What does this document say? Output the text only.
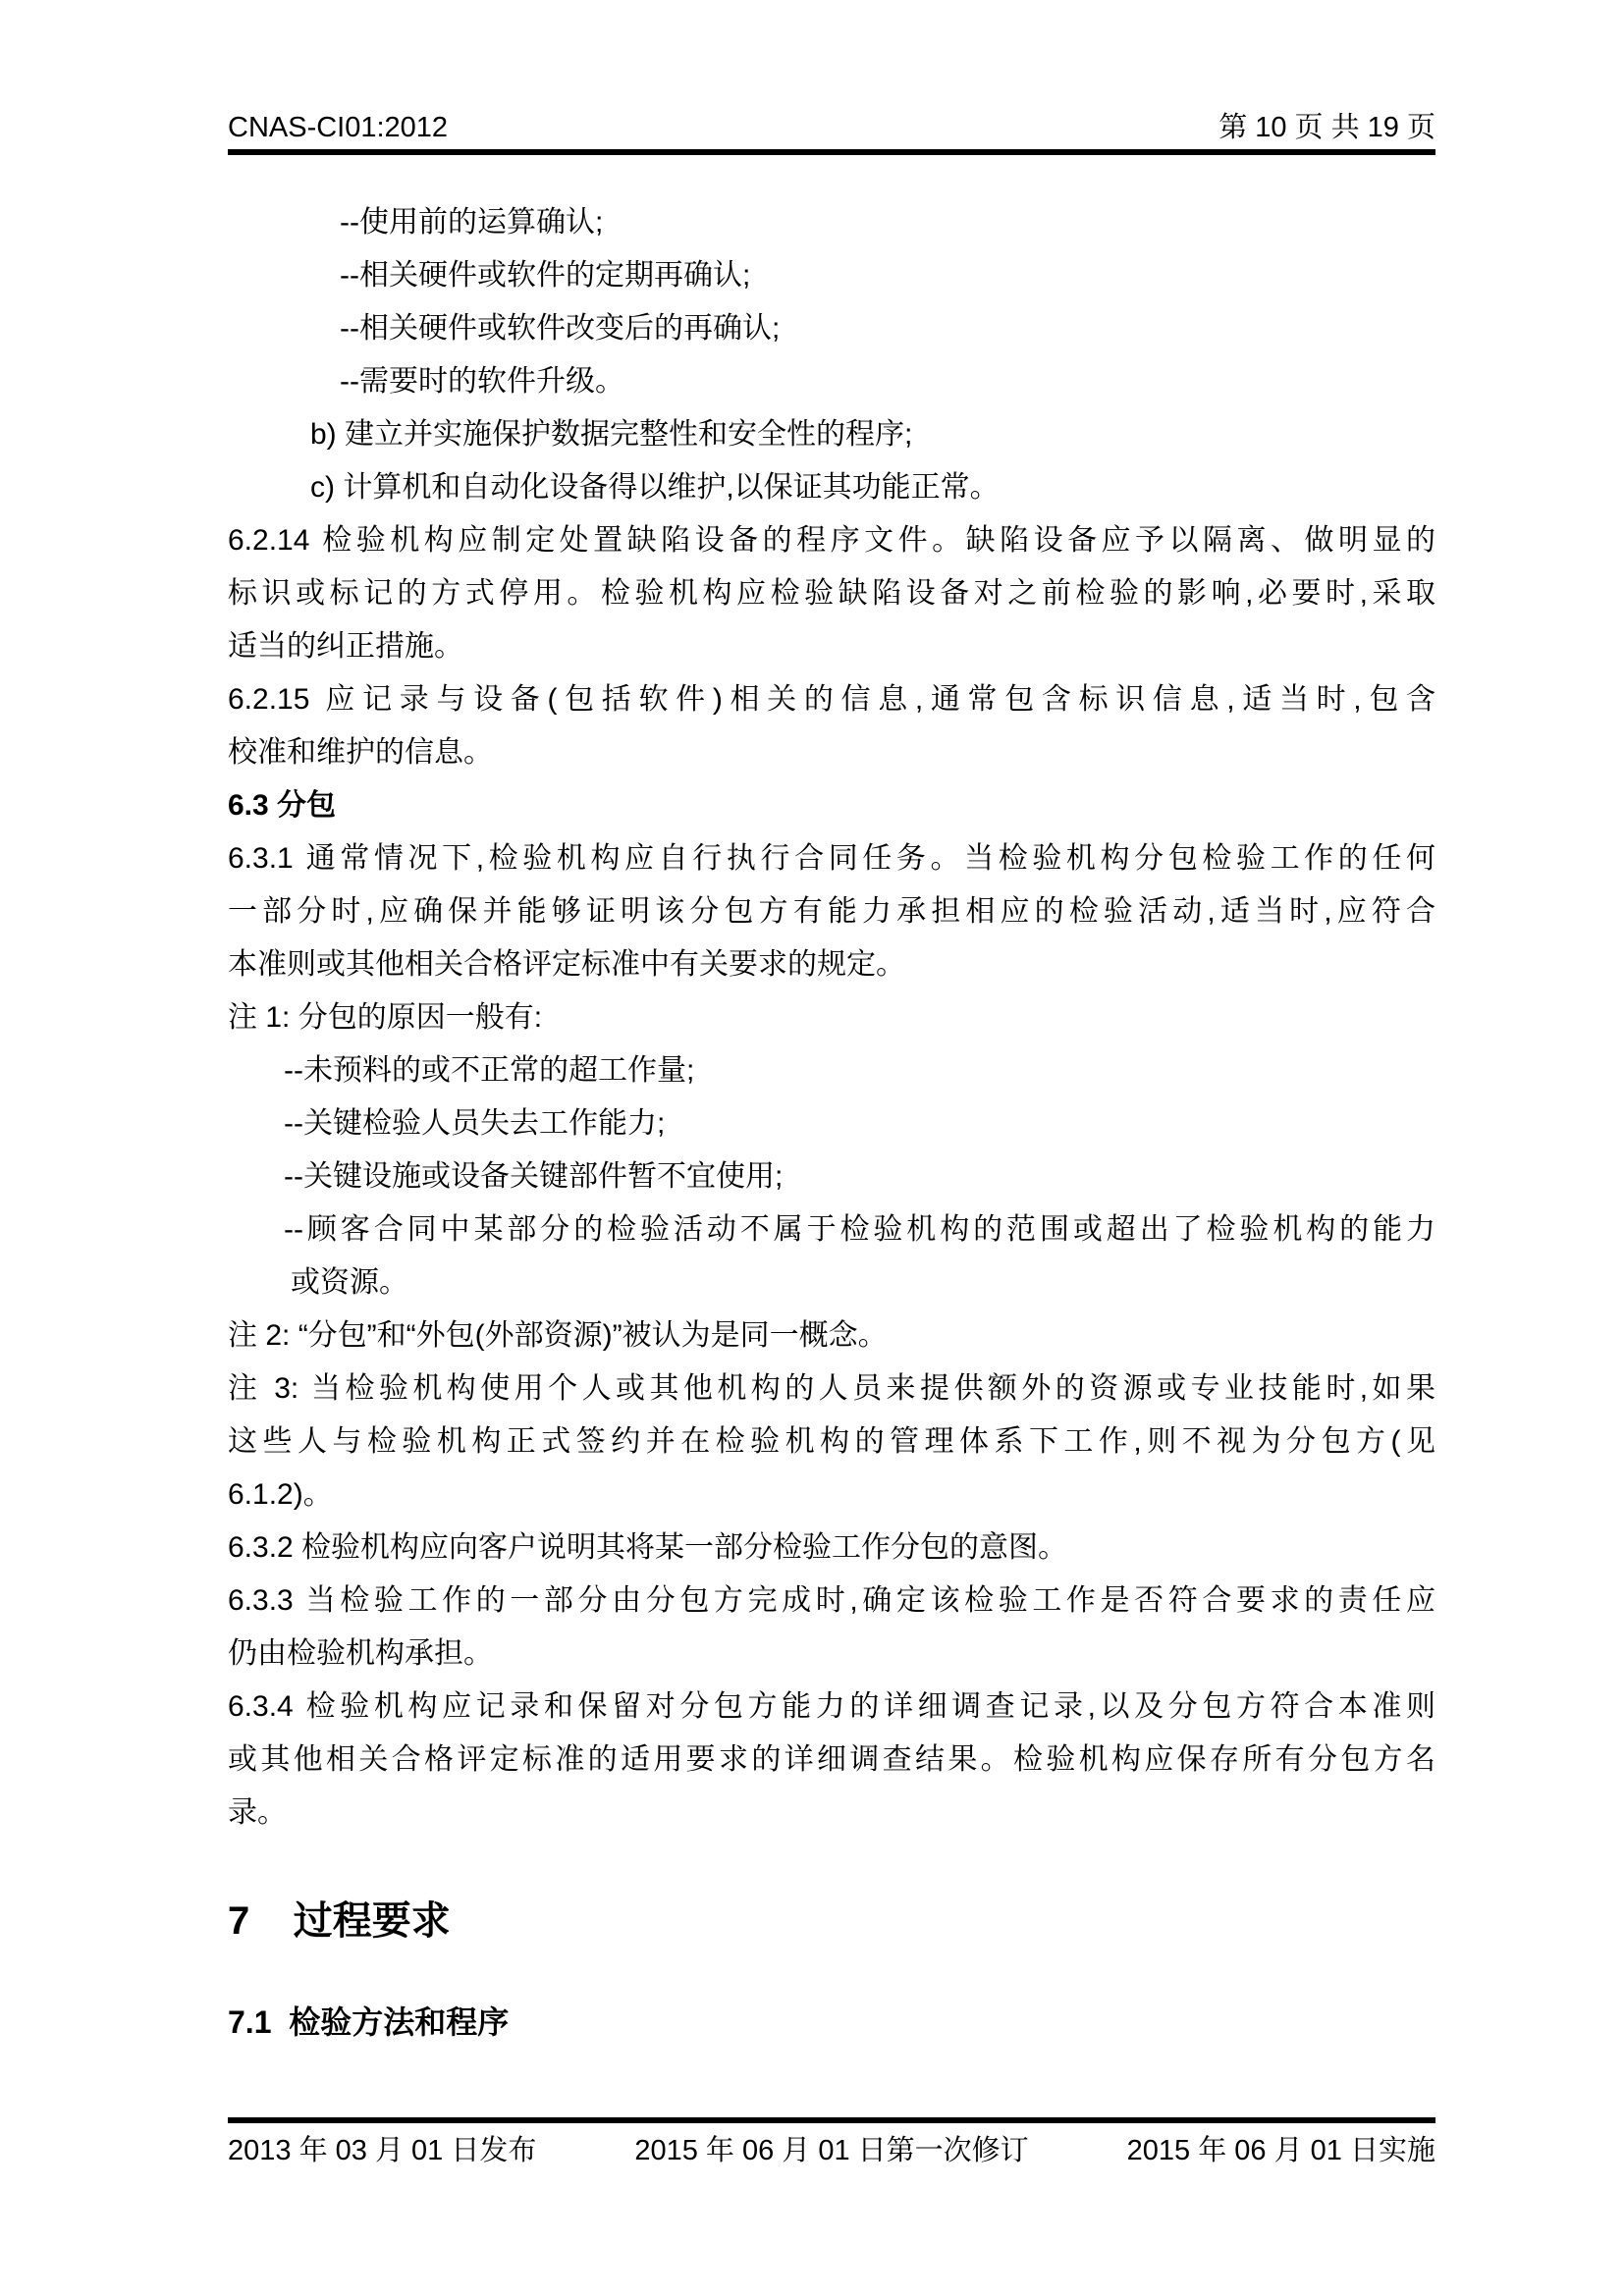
CNAS-CI01:2012	第 10 页 共 19 页
--使用前的运算确认;
--相关硬件或软件的定期再确认;
--相关硬件或软件改变后的再确认;
--需要时的软件升级。
b) 建立并实施保护数据完整性和安全性的程序;
c) 计算机和自动化设备得以维护,以保证其功能正常。
6.2.14 检验机构应制定处置缺陷设备的程序文件。缺陷设备应予以隔离、做明显的
标识或标记的方式停用。检验机构应检验缺陷设备对之前检验的影响,必要时,采取
适当的纠正措施。
6.2.15 应记录与设备(包括软件)相关的信息,通常包含标识信息,适当时,包含
校准和维护的信息。
6.3 分包
6.3.1 通常情况下,检验机构应自行执行合同任务。当检验机构分包检验工作的任何
一部分时,应确保并能够证明该分包方有能力承担相应的检验活动,适当时,应符合
本准则或其他相关合格评定标准中有关要求的规定。
注 1: 分包的原因一般有:
--未预料的或不正常的超工作量;
--关键检验人员失去工作能力;
--关键设施或设备关键部件暂不宜使用;
--顾客合同中某部分的检验活动不属于检验机构的范围或超出了检验机构的能力
或资源。
注 2: “分包”和“外包(外部资源)”被认为是同一概念。
注 3: 当检验机构使用个人或其他机构的人员来提供额外的资源或专业技能时,如果
这些人与检验机构正式签约并在检验机构的管理体系下工作,则不视为分包方(见
6.1.2)。
6.3.2 检验机构应向客户说明其将某一部分检验工作分包的意图。
6.3.3 当检验工作的一部分由分包方完成时,确定该检验工作是否符合要求的责任应
仍由检验机构承担。
6.3.4 检验机构应记录和保留对分包方能力的详细调查记录,以及分包方符合本准则
或其他相关合格评定标准的适用要求的详细调查结果。检验机构应保存所有分包方名
录。
7    过程要求
7.1  检验方法和程序
2013 年 03 月 01 日发布	2015 年 06 月 01 日第一次修订	2015 年 06 月 01 日实施
